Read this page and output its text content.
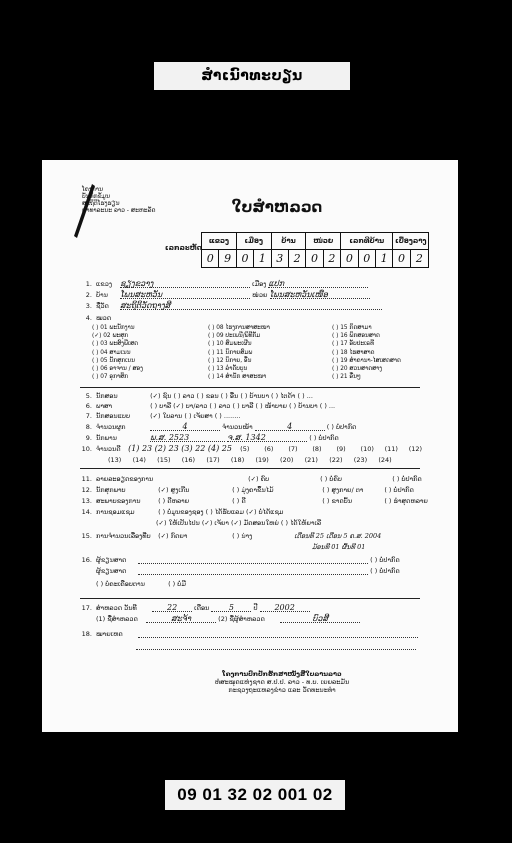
ສຳເນົາທະບຽນ
ໂຄງການ
ບັນທຶກຂໍ້ມູນ
ສະຖິຕິໂຮງຮຽນ
ສາທາລະນະ ລາວ - ສະຫະລັດ	ໃບສຳຫລວດ
ເລກລະຫັດ
ແຂວງ	ເມືອງ	ບ້ານ	ໜ່ວຍ	ເລກທີບ້ານ	ເບື້ອງລາງ
0 9 0 1 3 2 0 2 0 0 1 0 2
1. ແຂວງ ຊຽງຂວາງ	ເມືອງ ແປກ
2. ບ້ານ ໂພນສະຫວັນ	ໜ່ວຍ ໂພນສະຫວັນເໜືອ
3. ຊື່ວັດ ສະຖິຕິວັດຖາງສີ
4. ໝວດ
( ) 01 ພະນັກງານ
(✓) 02 ພະສຸກ
( ) 03 ພະສົງພີເສດ
( ) 04 ສາມເນນ
( ) 05 ນັກສຸກເນນ
( ) 06 ອາຈານ / ສອງ
( ) 07 ອຸກາສິກ
( ) 08 ໄຮງການສາສະໜາ
( ) 09 ປະເພນີ/ພິທີກັມ
( ) 10 ສົມພະເຜີນ
( ) 11 ນິກາຍສົມພ
( ) 12 ນິກາຍ, ອື່ນ
( ) 13 ລຳດັບບຸນ
( ) 14 ສຳນັກ ສາສະໜາ
( ) 15 ກິດສາມາ
( ) 16 ພິກສອນສາດ
( ) 17 ອັບປະເຣທີ
( ) 18 ໄຮສາສາດ
( ) 19 ສຳຄານາ-ໄສເສດສາດ
( ) 20 ສວນສາດສາງ
( ) 21 ອື່ນໆ
5. ນັກສອນ	(✓) ຊົນ ( ) ລາວ ( ) ຂອນ ( ) ອື່ນ ( ) ບ້ານບາ ( ) ໄຕດ້າ ( ) ...
6. ພາສາ	( ) ບາລີ (✓) ບາ/ລາວ ( ) ລາວ ( ) ບາລີ ( ) ໜ້າບາຍ ( ) ບ້ານບາ ( ) ...
7. ນັກສອນແບບ	(✓) ໃບລານ ( ) ເຈ້ຍສາ ( ) ........
8. ຈຳນວນຜູກ	4	ຈຳນວນໜ້າ	4	( ) ບໍ່ປາກົດ
9. ນັກພານ	ພ.ສ. 2523	ຈ.ສ. 1342	( ) ບໍ່ປາກົດ
10. ຈຳນວນດີ (1) 23 (2) 23 (3) 22 (4) 25 (5) (6) (7) (8) (9) (10) (11) (12)
(13) (14) (15) (16) (17) (18) (19) (20) (21) (22) (23) (24)
11. ລາຍລະອຽດຂອງການ	(✓) ຄົບ	( ) ບໍ່ຄົບ	( ) ບໍ່ປາກົດ
12. ນັກສຸກພາບ	(✓) ສູງເກີນ	( ) ມຸ່ງຄາຂຶ້ນໄມ້	( ) ສູງກາຍ/ ຕາ	( ) ບໍ່ປາກົດ
13. ສະພາບຂອງການ	( ) ດີຫລາຍ	( ) ດີ	( ) ຂາດບົ້ນ	( ) ຮຳສຸດຫລາຍ
14. ການຊອມແຊມ	( ) ບໍ່ມູນຂອງຊອງ ( ) ໄດ້ຮັບແລມ (✓) ບໍ່ໄດ້ແຊມ
(✓) ໃຫ້ເປັນໄປນ (✓) ເຈ້ຍາ (✓) ມັດສອນໃຫຍ່ ( ) ໄດ້ໃຫ້ຍາເລີ
15. ການຈຳນວນເລື່ອງທີ່ບ (✓) ກົດຍາ	( ) ນ່າງ	ເດືອນທີ 25 ເດືອນ 5 ຄ.ສ. 2004
ມ້ອນທີ 01 ຜົ້ນທີ 01
16. ຜູ້ຂຽນສາດ	( ) ບໍ່ປາກົດ
ຜູ້ຂຽນສາດ	( ) ບໍ່ປາກົດ
( ) ບໍ່ຄະເຄືອບຕານ	( ) ບໍ່ມີ
17. ສຳຫລວດ ວັນທີ	22	ເດືອນ 5	ປີ 2002
(1) ຊື່ສຳຫລວດ	ສະຈ້າ	(2) ຊື່ຜູ້ສຳຫລວດ	ບົວສີ
18. ໝາຍເຫດ
ໂຄງການປົກປັກຮັກສາໜັງສືໃບລານລາວ
ຫໍສະໝຸດແຫ່ງຊາດ ສ.ປ.ປ. ລາວ - ທ.ບ. ເຍຍລະມັນ
ກະຊວງຖະແຫລງຂ່າວ ແລະ ວັດທະນະທຳ
09 01 32 02 001 02
